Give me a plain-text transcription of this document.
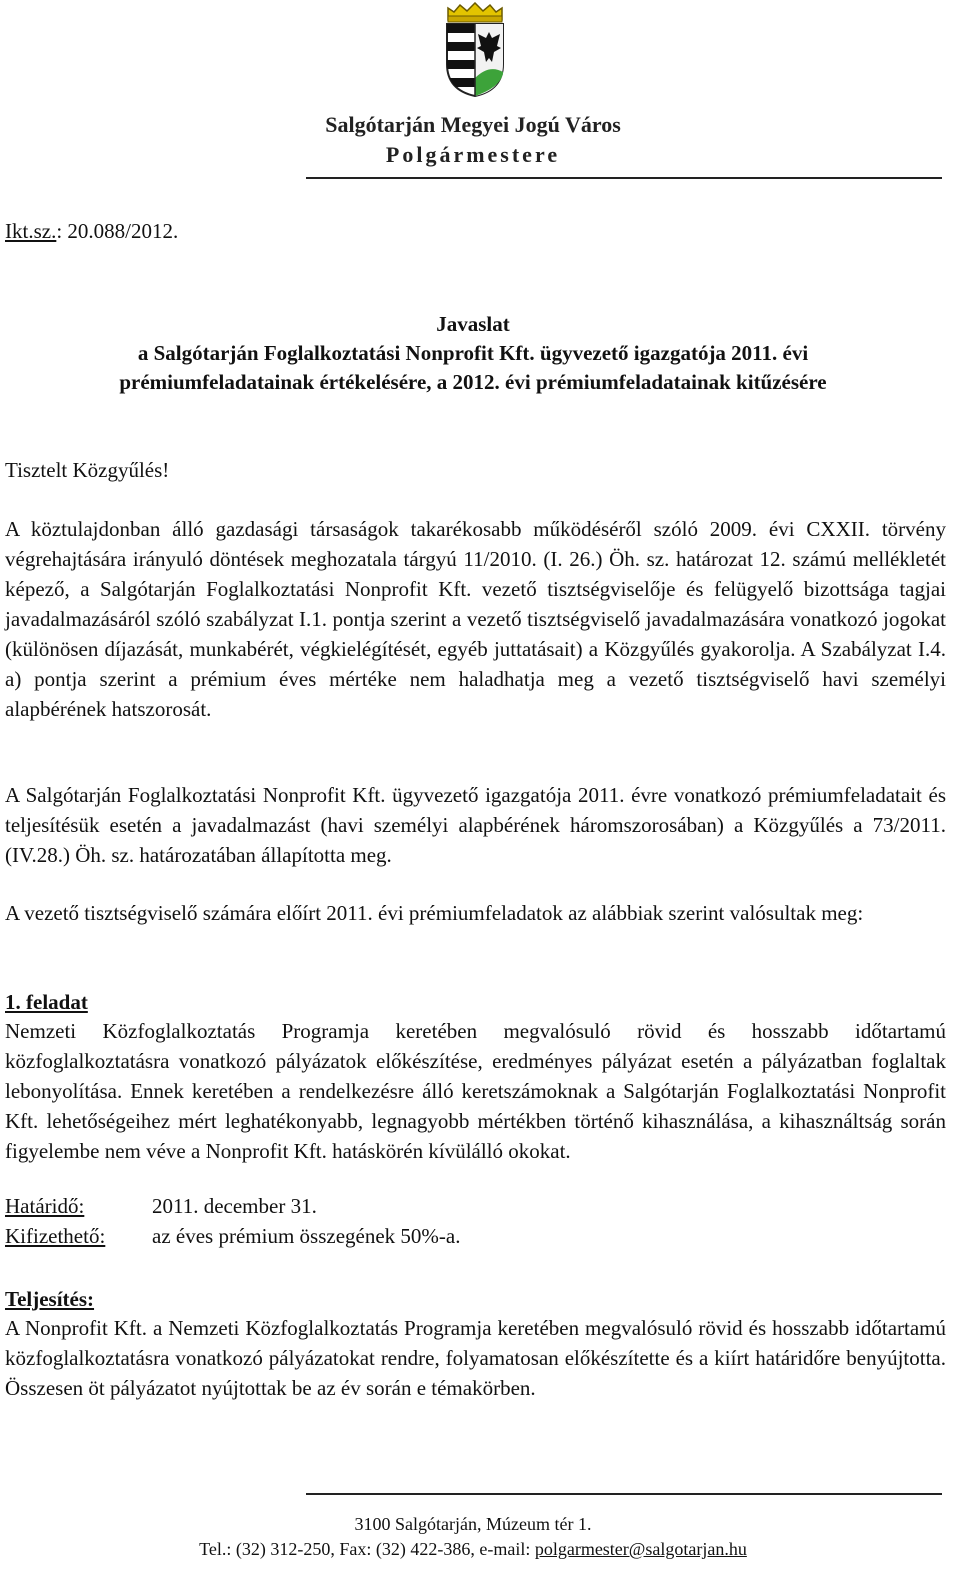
Salgótarján Megyei Jogú Város
Polgármestere
Ikt.sz.: 20.088/2012.
Javaslat
a Salgótarján Foglalkoztatási Nonprofit Kft. ügyvezető igazgatója 2011. évi
prémiumfeladatainak értékelésére, a 2012. évi prémiumfeladatainak kitűzésére
Tisztelt Közgyűlés!
A köztulajdonban álló gazdasági társaságok takarékosabb működéséről szóló 2009. évi CXXII. törvény végrehajtására irányuló döntések meghozatala tárgyú 11/2010. (I. 26.) Öh. sz. határozat 12. számú mellékletét képező, a Salgótarján Foglalkoztatási Nonprofit Kft. vezető tisztségviselője és felügyelő bizottsága tagjai javadalmazásáról szóló szabályzat I.1. pontja szerint a vezető tisztségviselő javadalmazására vonatkozó jogokat (különösen díjazását, munkabérét, végkielégítését, egyéb juttatásait) a Közgyűlés gyakorolja. A Szabályzat I.4. a) pontja szerint a prémium éves mértéke nem haladhatja meg a vezető tisztségviselő havi személyi alapbérének hatszorosát.
A Salgótarján Foglalkoztatási Nonprofit Kft. ügyvezető igazgatója 2011. évre vonatkozó prémiumfeladatait és teljesítésük esetén a javadalmazást (havi személyi alapbérének háromszorosában) a Közgyűlés a 73/2011. (IV.28.) Öh. sz. határozatában állapította meg.
A vezető tisztségviselő számára előírt 2011. évi prémiumfeladatok az alábbiak szerint valósultak meg:
1. feladat
Nemzeti Közfoglalkoztatás Programja keretében megvalósuló rövid és hosszabb időtartamú közfoglalkoztatásra vonatkozó pályázatok előkészítése, eredményes pályázat esetén a pályázatban foglaltak lebonyolítása. Ennek keretében a rendelkezésre álló keretszámoknak a Salgótarján Foglalkoztatási Nonprofit Kft. lehetőségeihez mért leghatékonyabb, legnagyobb mértékben történő kihasználása, a kihasználtság során figyelembe nem véve a Nonprofit Kft. hatáskörén kívülálló okokat.
Határidő:	2011. december 31.
Kifizethető: az éves prémium összegének 50%-a.
Teljesítés:
A Nonprofit Kft. a Nemzeti Közfoglalkoztatás Programja keretében megvalósuló rövid és hosszabb időtartamú közfoglalkoztatásra vonatkozó pályázatokat rendre, folyamatosan előkészítette és a kiírt határidőre benyújtotta. Összesen öt pályázatot nyújtottak be az év során e témakörben.
3100 Salgótarján, Múzeum tér 1.
Tel.: (32) 312-250, Fax: (32) 422-386, e-mail: polgarmester@salgotarjan.hu
